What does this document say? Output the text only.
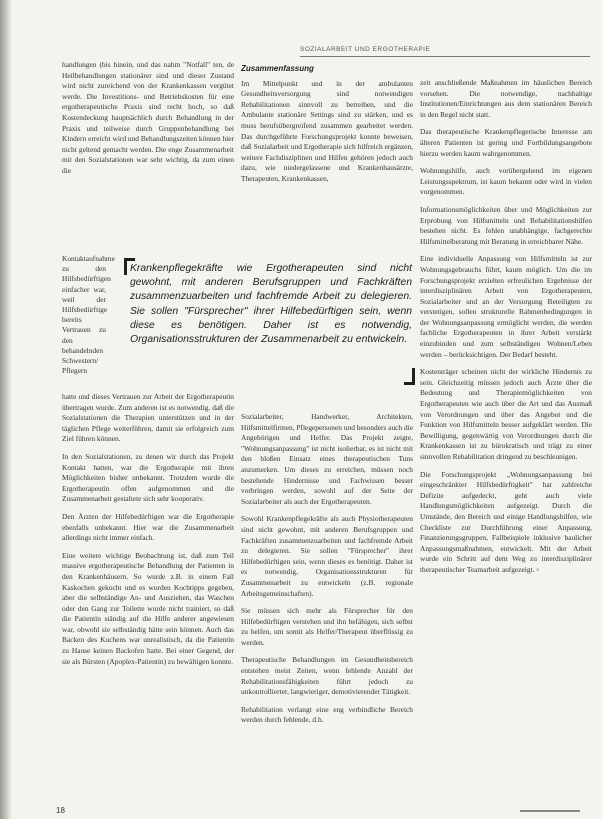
SOZIALARBEIT UND ERGOTHERAPIE

handlungen (bis hinein, und das nahm "Notfall" ten, de Heilbehandlungen stationärer sind und dieser Zustand wird nicht zureichend von der Krankenkassen vergütet werde. Die Investitions- und Betriebskosten für eine ergotherapeutische Praxis sind recht hoch, so daß Kostendeckung hauptsächlich durch Behandlung in der Praxis und teilweise durch Gruppenbehandlung bei Kindern erreicht wird und Behandlungszeiten können hier nicht geltend gemacht werden. Die enge Zusammenarbeit mit den Sozialstationen war sehr wichtig, da zum einen die

Kontaktaufnahme zu den Hilfsbedürftigen einfacher war, weil der Hilfsbedürftige bereits Vertrauen zu den behandelnden Schwestern/ Pflegern

hatte und dieses Vertrauen zur Arbeit der Ergotherapeutin übertragen wurde. Zum anderen ist es notwendig, daß die Sozialstationen die Therapien unterstützen und in der täglichen Pflege weiterführen, damit sie erfolgreich zum Ziel führen können.

In den Sozialstationen, zu denen wir durch das Projekt Kontakt hatten, war die Ergotherapie mit ihren Möglichkeiten bisher unbekannt. Trotzdem wurde die Ergotherapeutin offen aufgenommen und die Zusammenarbeit gestaltete sich sehr kooperativ.

Den Ärzten der Hilfebedürftigen war die Ergotherapie ebenfalls unbekannt. Hier war die Zusammenarbeit allerdings nicht immer einfach.

Eine weitere wichtige Beobachtung ist, daß zum Teil massive ergotherapeutische Behandlung der Patienten in den Krankenhäusern. So wurde z.B. in einem Fall Kaskochen gekocht und es wurden Kochtipps gegeben, aber die selbständige An- und Ausziehen, das Waschen oder den Gang zur Toilette wurde nicht trainiert, so daß die Patientin ständig auf die Hilfe anderer angewiesen war, obwohl sie selbständig hätte sein können. Auch das Backen des Kuchens war unrealistisch, da die Patientin zu Hause keinen Backofen hatte. Bei einer Gegend, der sie als Bürsten (Apoplex-Patientin) zu bewältigen konnte.

Zusammenfassung

Im Mittelpunkt und in der ambulanten Gesundheitsversorgung sind notwendigen Rehabilitationen sinnvoll zu betreiben, und die Ambulante stationäre Settings sind zu stärken, und es muss berufsübergreifend zusammen gearbeitet werden. Das durchgeführte Forschungsprojekt konnte beweisen, daß Sozialarbeit und Ergotherapie sich hilfreich ergänzen, weitere Fachdisziplinen und Hilfen gehören jedoch auch dazu, wie niedergelassene und Krankenhausärzte, Therapeuten, Krankenkassen,

Sozialarbeiter, Handwerker, Architekten, Hilfsmittelfirmen, Pflegepersonen und besonders auch die Angehörigen und Helfer. Das Projekt zeigte, "Wohnungsanpassung" ist nicht isolierbar, es ist nicht mit den bloßen Einsatz eines therapeutischen Tuns anzumerken. Um dieses zu erreichen, müssen noch bestehende Hindernisse und Fachwissen besser vorbringen werden, sowohl auf der Seite der Sozialarbeiter als auch der Ergotherapeuten.

Sowohl Krankenpflegekräfte als auch Physiotherapeuten sind nicht gewohnt, mit anderen Berufsgruppen und Fachkräften zusammenzuarbeiten und fachfremde Arbeit zu delegieren. Sie sollen "Fürsprecher" ihrer Hilfebedürftigen sein, wenn dieses es benötigt. Daher ist es notwendig, Organisationsstrukturen für Zusammenarbeit zu entwickeln (z.B. regionale Arbeitsgemeinschaften).

Sie müssen sich mehr als Fürsprecher für den Hilfebedürftigen verstehen und ihn befähigen, sich selbst zu helfen, um somit als Helfer/Therapeut überflüssig zu werden.

Therapeutische Behandlungen im Gesundheitsbereich entstehen meist Zeiten, wenn fehlende Anzahl der Rehabilitationsfähigkeiten führt jedoch zu unkontrollierter, langwieriger, demotivierender Tätigkeit.

Rehabilitation verlangt eine eng verbindliche Bereich werden durch fehlende, d.h.

zeit anschließende Maßnahmen im häuslichen Bereich vorsehen. Die notwendige, nachhaltige Institutionen/Einrichtungen aus dem stationären Bereich in den Regel nicht statt.

Das therapeutische Krankenpflegerische Interesse am älteren Patienten ist gering und Fortbildungsangebote hierzu werden kaum wahrgenommen.

Wohnungshilfe, auch vorübergehend im eigenen Leistungsspektrum, ist kaum bekannt oder wird in vielen vorgenommen.

Informationsmöglichkeiten über und Möglichkeiten zur Erprobung von Hilfsmitteln und Rehabilitationshilfen bestehen nicht. Es fehlen unabhängige, fachgerechte Hilfsmittelberatung mit Beratung in erreichbarer Nähe.

Eine individuelle Anpassung von Hilfsmitteln ist zur Wohnungsgebrauchs führt, kaum möglich. Um die im Forschungsprojekt erzielten erfreulichen Ergebnisse der interdisziplinären Arbeit von Ergotherapeuten, Sozialarbeiter und an der Versorgung Beteiligten zu verstetigen, sollen strukturelle Rahmenbedingungen in der Wohnungsanpassung ermöglicht werden, die werden fachliche Ergotherapeuten in ihrer Arbeit verstärkt einzubinden und zum selbständigen Wohnen/Leben werden – berücksichtigen. Der Bedarf besteht.

Kostenträger scheinen nicht der wirkliche Hindernis zu sein. Gleichzeitig müssen jedoch auch Ärzte über die Bedeutung und Therapiemöglichkeiten von Ergotherapeuten wie auch über die Art und das Ausmaß von Verordnungen und über das Angebot und die Funktion von Hilfsmitteln besser aufgeklärt werden. Die Bewilligung, gegenwärtig von Verordnungen durch die Krankenkassen ist zu bürokratisch und trägt zu einer sinnvollen Rehabilitation dringend zu beschleunigen.

Die Forschungsprojekt „Wohnungsanpassung bei eingeschränkter Hilfsbedürftigkeit" hat zahlreiche Defizite aufgedeckt, geht auch viele Handlungsmöglichkeiten aufgezeigt. Durch die Umstände, den Bereich und einige Handlungshilfen, wie Checkliste zur Durchführung einer Anpassung, Finanzierungsgruppen, Fallbeispiele inklusive baulicher Anpassungsmaßnahmen, entwickelt. Mit der Arbeit wurde ein Schritt auf dem Weg zu interdisziplinärer therapeutischer Teamarbeit aufgezeigt. ▫

Krankenpflegekräfte wie Ergotherapeuten sind nicht gewohnt, mit anderen Berufsgruppen und Fachkräften zusammenzuarbeiten und fachfremde Arbeit zu delegieren. Sie sollen "Fürsprecher" ihrer Hilfebedürftigen sein, wenn diese es benötigen. Daher ist es notwendig, Organisationsstrukturen der Zusammenarbeit zu entwickeln.
18
